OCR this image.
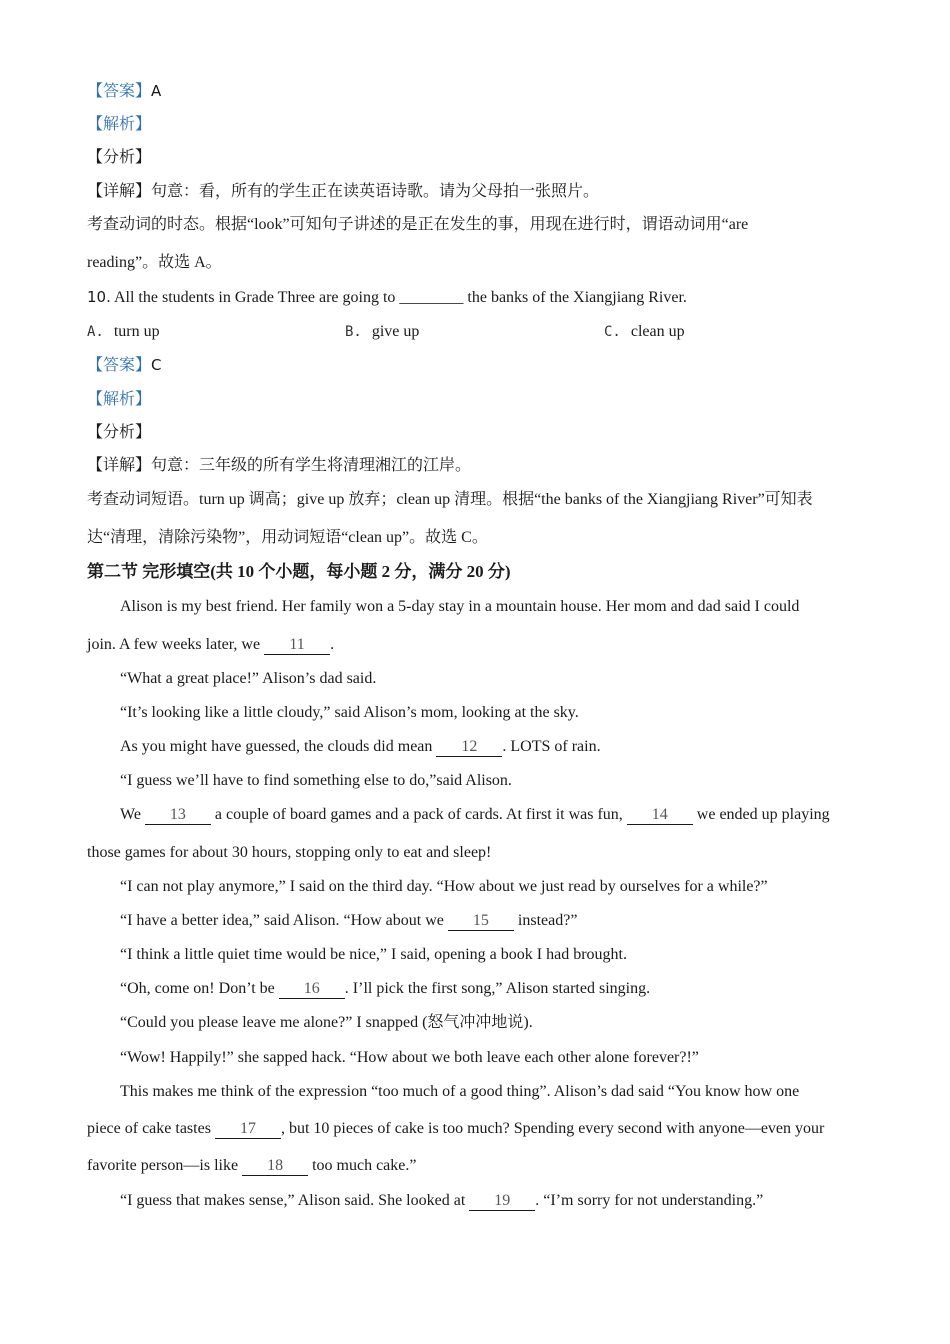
【答案】A
【解析】
【分析】
【详解】句意：看，所有的学生正在读英语诗歌。请为父母拍一张照片。
考查动词的时态。根据“look”可知句子讲述的是正在发生的事，用现在进行时，谓语动词用“are
reading”。故选 A。
10. All the students in Grade Three are going to ________ the banks of the Xiangjiang River.
A. turn up	B. give up	C. clean up
【答案】C
【解析】
【分析】
【详解】句意：三年级的所有学生将清理湘江的江岸。
考查动词短语。turn up 调高；give up 放弃；clean up 清理。根据“the banks of the Xiangjiang River”可知表
达“清理，清除污染物”，用动词短语“clean up”。故选 C。
第二节 完形填空(共 10 个小题，每小题 2 分，满分 20 分)
Alison is my best friend. Her family won a 5-day stay in a mountain house. Her mom and dad said I could
join. A few weeks later, we 11 .
“What a great place!” Alison’s dad said.
“It’s looking like a little cloudy,” said Alison’s mom, looking at the sky.
As you might have guessed, the clouds did mean 12 . LOTS of rain.
“I guess we’ll have to find something else to do,”said Alison.
We 13 a couple of board games and a pack of cards. At first it was fun, 14 we ended up playing
those games for about 30 hours, stopping only to eat and sleep!
“I can not play anymore,” I said on the third day. “How about we just read by ourselves for a while?”
“I have a better idea,” said Alison. “How about we 15 instead?”
“I think a little quiet time would be nice,” I said, opening a book I had brought.
“Oh, come on! Don’t be 16 . I’ll pick the first song,” Alison started singing.
“Could you please leave me alone?” I snapped (怒气冲冲地说).
“Wow! Happily!” she sapped hack. “How about we both leave each other alone forever?!”
This makes me think of the expression “too much of a good thing”. Alison’s dad said “You know how one
piece of cake tastes 17 , but 10 pieces of cake is too much? Spending every second with anyone—even your
favorite person—is like 18 too much cake.”
“I guess that makes sense,” Alison said. She looked at 19 . “I’m sorry for not understanding.”
